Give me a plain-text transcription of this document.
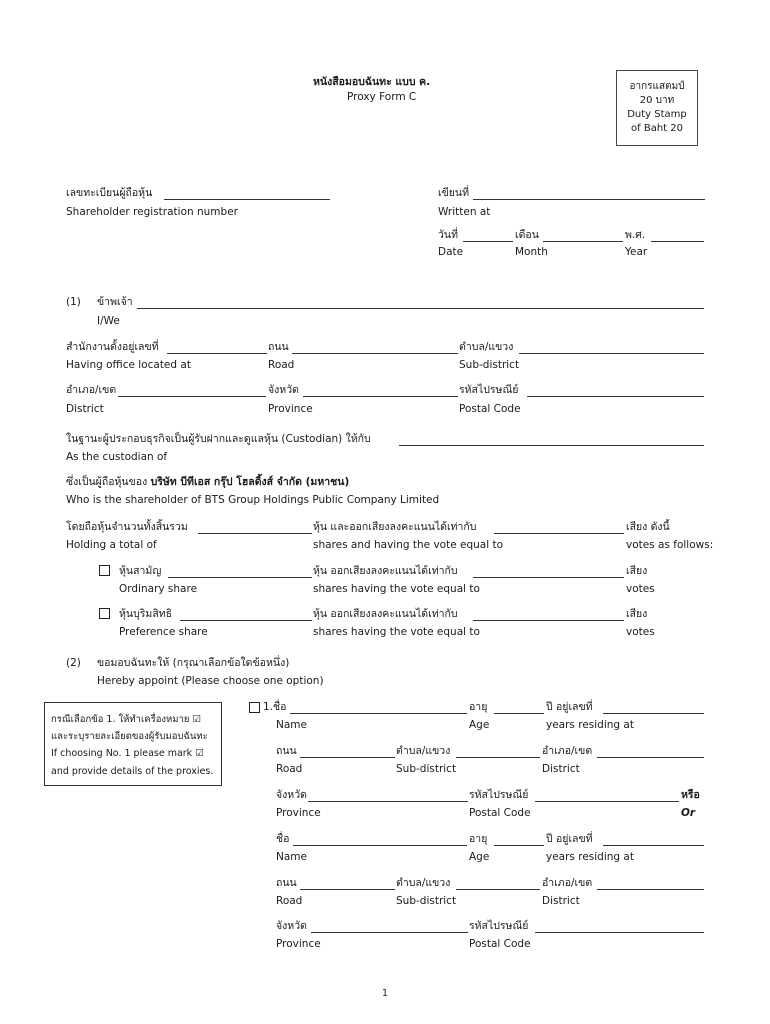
หนังสือมอบฉันทะ แบบ ค.
Proxy Form C
อากรแสตมป์
20 บาท
Duty Stamp
of Baht 20
เลขทะเบียนผู้ถือหุ้น
Shareholder registration number
เขียนที่
Written at
วันที่	เดือน	พ.ศ.
Date	Month	Year
(1) ข้าพเจ้า
I/We
สำนักงานตั้งอยู่เลขที่	ถนน	ตำบล/แขวง
Having office located at	Road	Sub-district
อำเภอ/เขต	จังหวัด	รหัสไปรษณีย์
District	Province	Postal Code
ในฐานะผู้ประกอบธุรกิจเป็นผู้รับฝากและดูแลหุ้น (Custodian) ให้กับ
As the custodian of
ซึ่งเป็นผู้ถือหุ้นของ บริษัท บีทีเอส กรุ๊ป โฮลดิ้งส์ จำกัด (มหาชน)
Who is the shareholder of BTS Group Holdings Public Company Limited
โดยถือหุ้นจำนวนทั้งสิ้นรวม	หุ้น และออกเสียงลงคะแนนได้เท่ากับ	เสียง ดังนี้
Holding a total of	shares and having the vote equal to	votes as follows:
หุ้นสามัญ	หุ้น ออกเสียงลงคะแนนได้เท่ากับ	เสียง
Ordinary share	shares having the vote equal to	votes
หุ้นบุริมสิทธิ	หุ้น ออกเสียงลงคะแนนได้เท่ากับ	เสียง
Preference share	shares having the vote equal to	votes
(2) ขอมอบฉันทะให้ (กรุณาเลือกข้อใดข้อหนึ่ง)
Hereby appoint (Please choose one option)
กรณีเลือกข้อ 1. ให้ทำเครื่องหมาย ☑
และระบุรายละเอียดของผู้รับมอบฉันทะ
If choosing No. 1 please mark ☑
and provide details of the proxies.
1.ชื่อ	อายุ	ปี อยู่เลขที่
Name	Age	years residing at
ถนน	ตำบล/แขวง	อำเภอ/เขต
Road	Sub-district	District
จังหวัด	รหัสไปรษณีย์	หรือ
Province	Postal Code	Or
ชื่อ	อายุ	ปี อยู่เลขที่
Name	Age	years residing at
ถนน	ตำบล/แขวง	อำเภอ/เขต
Road	Sub-district	District
จังหวัด	รหัสไปรษณีย์
Province	Postal Code
1
